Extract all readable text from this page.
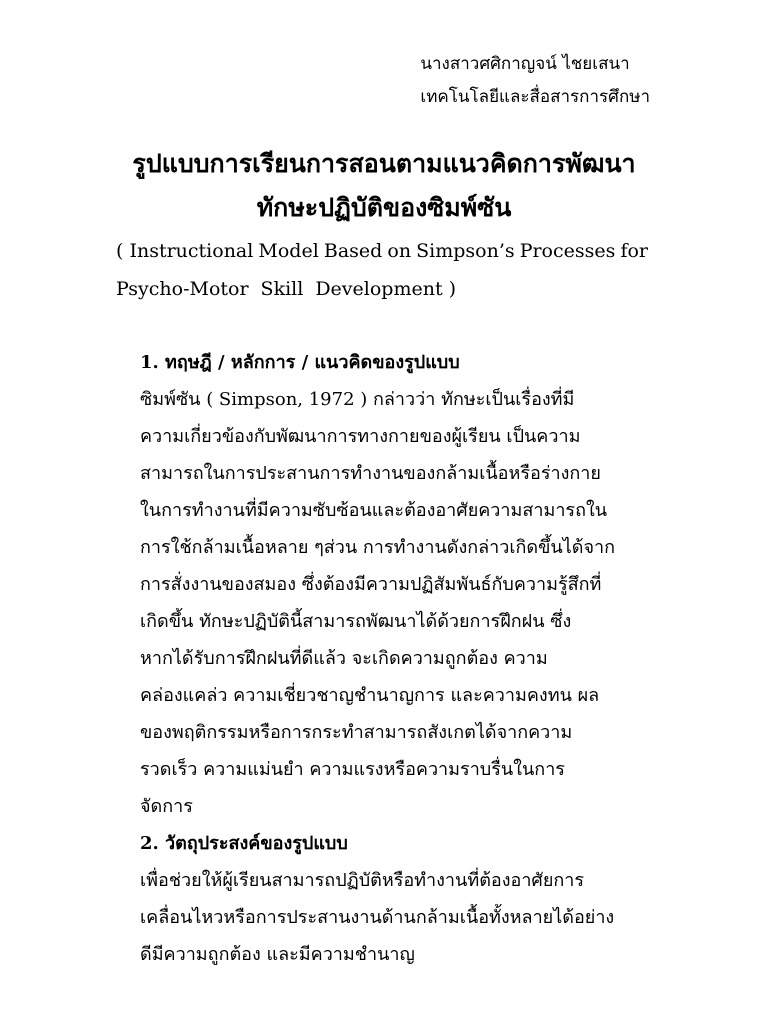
นางสาวศศิกาญจน์ ไชยเสนา
เทคโนโลยีและสื่อสารการศึกษา
รูปแบบการเรียนการสอนตามแนวคิดการพัฒนา
ทักษะปฏิบัติของซิมพ์ซัน
( Instructional Model Based on Simpson’s Processes for
Psycho-Motor Skill Development )
1. ทฤษฎี / หลักการ / แนวคิดของรูปแบบ
ซิมพ์ซัน ( Simpson, 1972 ) กล่าวว่า ทักษะเป็นเรื่องที่มี
ความเกี่ยวข้องกับพัฒนาการทางกายของผู้เรียน เป็นความ
สามารถในการประสานการทำงานของกล้ามเนื้อหรือร่างกาย
ในการทำงานที่มีความซับซ้อนและต้องอาศัยความสามารถใน
การใช้กล้ามเนื้อหลาย ๆส่วน การทำงานดังกล่าวเกิดขึ้นได้จาก
การสั่งงานของสมอง ซึ่งต้องมีความปฏิสัมพันธ์กับความรู้สึกที่
เกิดขึ้น ทักษะปฏิบัตินี้สามารถพัฒนาได้ด้วยการฝึกฝน ซึ่ง
หากได้รับการฝึกฝนที่ดีแล้ว จะเกิดความถูกต้อง ความ
คล่องแคล่ว ความเชี่ยวชาญชำนาญการ และความคงทน ผล
ของพฤติกรรมหรือการกระทำสามารถสังเกตได้จากความ
รวดเร็ว ความแม่นยำ ความแรงหรือความราบรื่นในการ
จัดการ
2. วัตถุประสงค์ของรูปแบบ
เพื่อช่วยให้ผู้เรียนสามารถปฏิบัติหรือทำงานที่ต้องอาศัยการ
เคลื่อนไหวหรือการประสานงานด้านกล้ามเนื้อทั้งหลายได้อย่าง
ดีมีความถูกต้อง และมีความชำนาญ
